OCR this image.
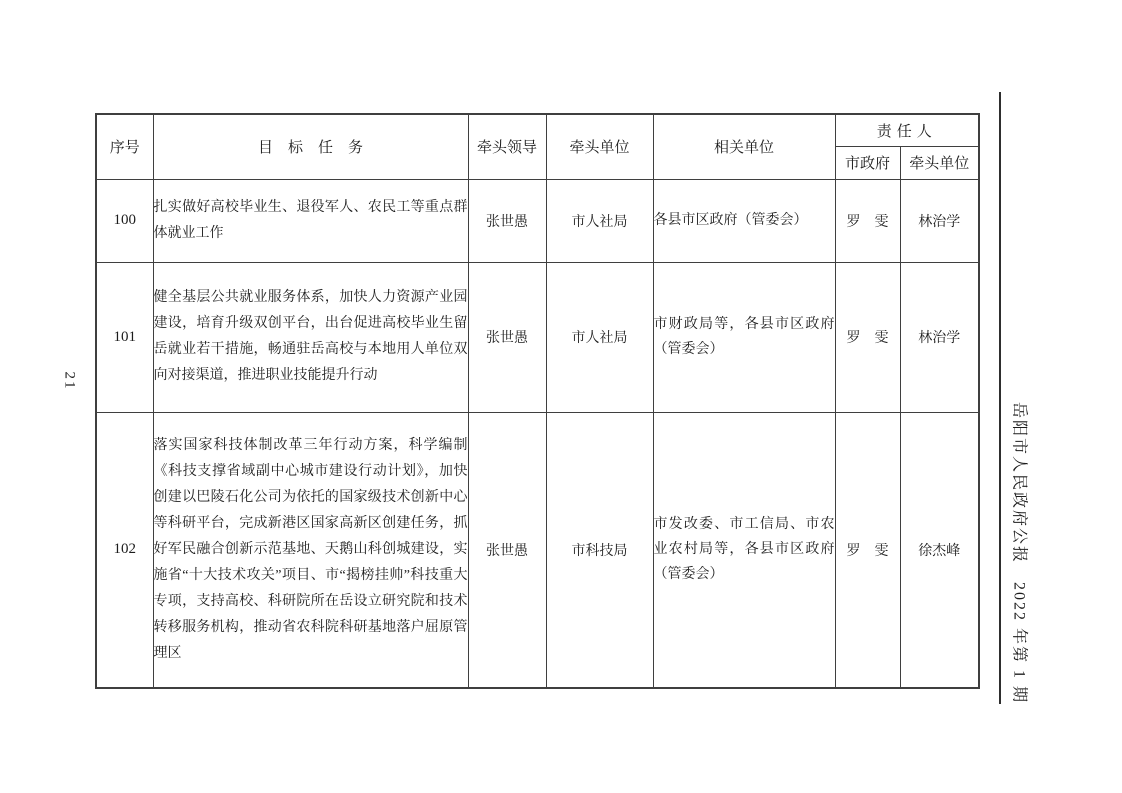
21
岳阳市人民政府公报　2022 年第 1 期
序号	目　标　任　务	牵头领导	牵头单位	相关单位	责任人	
					市政府	牵头单位
100	扎实做好高校毕业生、退役军人、农民工等重点群体就业工作	张世愚	市人社局	各县市区政府（管委会）	罗　雯	林治学
101	健全基层公共就业服务体系，加快人力资源产业园建设，培育升级双创平台，出台促进高校毕业生留岳就业若干措施，畅通驻岳高校与本地用人单位双向对接渠道，推进职业技能提升行动	张世愚	市人社局	市财政局等，各县市区政府（管委会）	罗　雯	林治学
102	落实国家科技体制改革三年行动方案，科学编制《科技支撑省域副中心城市建设行动计划》，加快创建以巴陵石化公司为依托的国家级技术创新中心等科研平台，完成新港区国家高新区创建任务，抓好军民融合创新示范基地、天鹅山科创城建设，实施省“十大技术攻关”项目、市“揭榜挂帅”科技重大专项，支持高校、科研院所在岳设立研究院和技术转移服务机构，推动省农科院科研基地落户屈原管理区	张世愚	市科技局	市发改委、市工信局、市农业农村局等，各县市区政府（管委会）	罗　雯	徐杰峰
